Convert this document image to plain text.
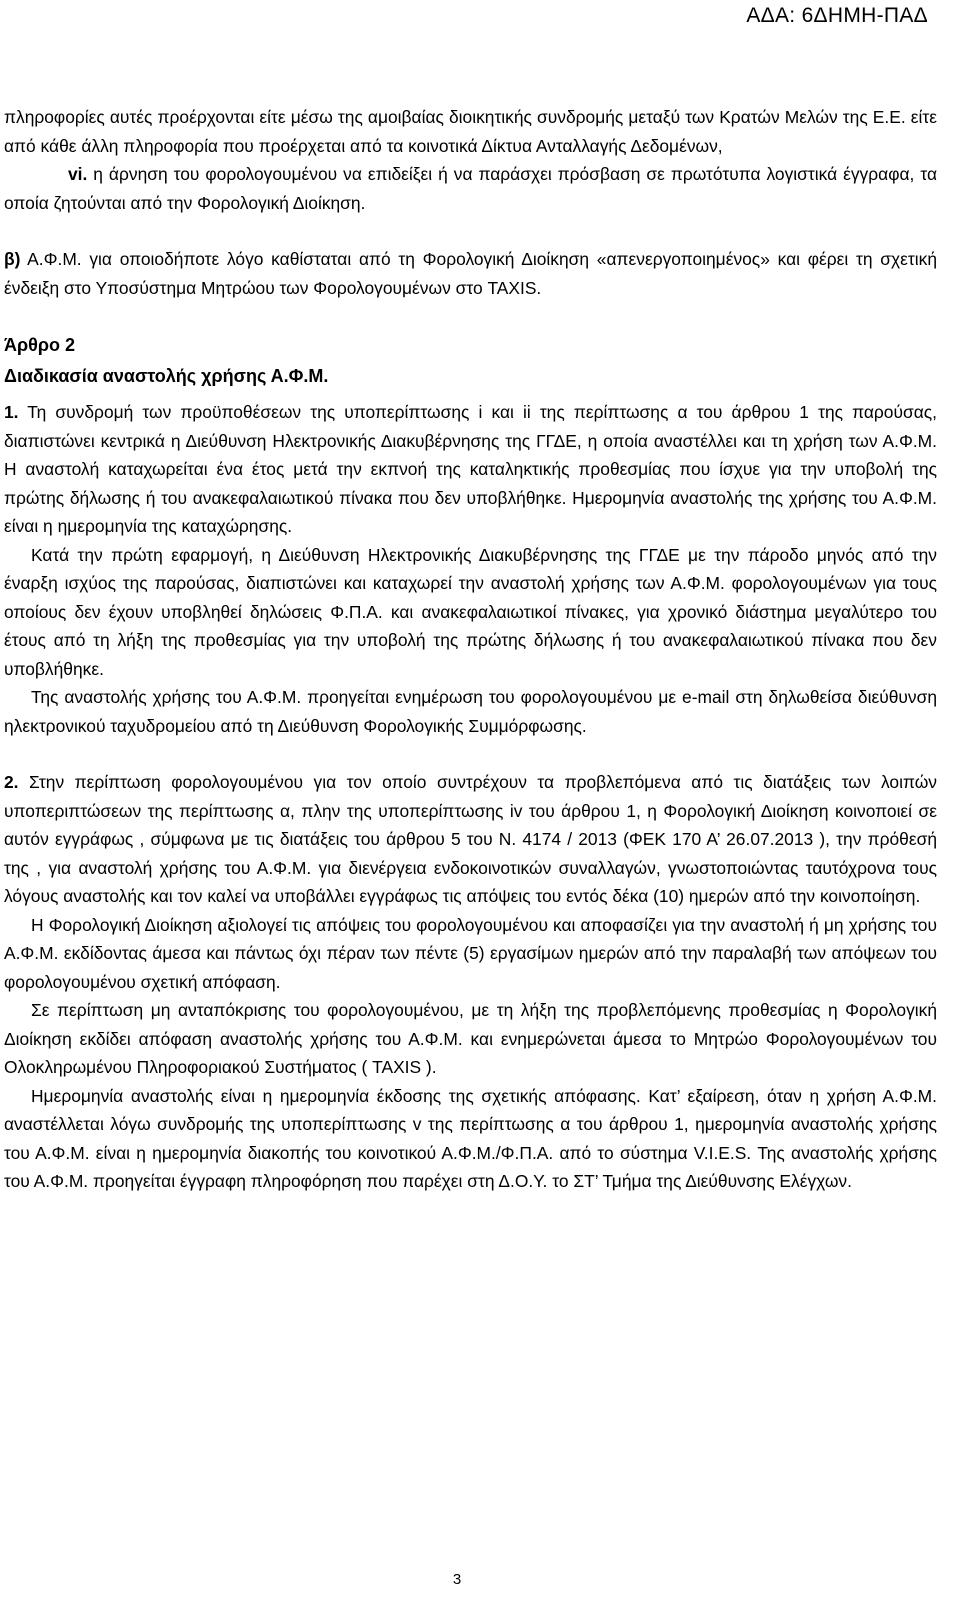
ΑΔΑ: 6ΔΗΜΗ-ΠΑΔ

πληροφορίες αυτές προέρχονται είτε μέσω της αμοιβαίας διοικητικής συνδρομής μεταξύ των Κρατών Μελών της Ε.Ε. είτε από κάθε άλλη πληροφορία που προέρχεται από τα κοινοτικά Δίκτυα Ανταλλαγής Δεδομένων,

vi. η άρνηση του φορολογουμένου να επιδείξει ή να παράσχει πρόσβαση σε πρωτότυπα λογιστικά έγγραφα, τα οποία ζητούνται από την Φορολογική Διοίκηση.

β) Α.Φ.Μ. για οποιοδήποτε λόγο καθίσταται από τη Φορολογική Διοίκηση «απενεργοποιημένος» και φέρει τη σχετική ένδειξη στο Υποσύστημα Μητρώου των Φορολογουμένων στο TAXIS.

Άρθρο 2

Διαδικασία αναστολής χρήσης Α.Φ.Μ.

1. Τη συνδρομή των προϋποθέσεων της υποπερίπτωσης i και ii της περίπτωσης α του άρθρου 1 της παρούσας, διαπιστώνει κεντρικά η Διεύθυνση Ηλεκτρονικής Διακυβέρνησης της ΓΓΔΕ, η οποία αναστέλλει και τη χρήση των Α.Φ.Μ. Η αναστολή καταχωρείται ένα έτος μετά την εκπνοή της καταληκτικής προθεσμίας που ίσχυε για την υποβολή της πρώτης δήλωσης ή του ανακεφαλαιωτικού πίνακα που δεν υποβλήθηκε. Ημερομηνία αναστολής της χρήσης του Α.Φ.Μ. είναι η ημερομηνία της καταχώρησης.

Κατά την πρώτη εφαρμογή, η Διεύθυνση Ηλεκτρονικής Διακυβέρνησης της ΓΓΔΕ με την πάροδο μηνός από την έναρξη ισχύος της παρούσας, διαπιστώνει και καταχωρεί την αναστολή χρήσης των Α.Φ.Μ. φορολογουμένων για τους οποίους δεν έχουν υποβληθεί δηλώσεις Φ.Π.Α. και ανακεφαλαιωτικοί πίνακες, για χρονικό διάστημα μεγαλύτερο του έτους από τη λήξη της προθεσμίας για την υποβολή της πρώτης δήλωσης ή του ανακεφαλαιωτικού πίνακα που δεν υποβλήθηκε.

Της αναστολής χρήσης του Α.Φ.Μ. προηγείται ενημέρωση του φορολογουμένου με e-mail στη δηλωθείσα διεύθυνση ηλεκτρονικού ταχυδρομείου από τη Διεύθυνση Φορολογικής Συμμόρφωσης.

2. Στην περίπτωση φορολογουμένου για τον οποίο συντρέχουν τα προβλεπόμενα από τις διατάξεις των λοιπών υποπεριπτώσεων της περίπτωσης α, πλην της υποπερίπτωσης iv του άρθρου 1, η Φορολογική Διοίκηση κοινοποιεί σε αυτόν εγγράφως , σύμφωνα με τις διατάξεις του άρθρου 5 του Ν. 4174 / 2013 (ΦΕΚ 170 Α’ 26.07.2013 ), την πρόθεσή της , για αναστολή χρήσης του Α.Φ.Μ. για διενέργεια ενδοκοινοτικών συναλλαγών, γνωστοποιώντας ταυτόχρονα τους λόγους αναστολής και τον καλεί να υποβάλλει εγγράφως τις απόψεις του εντός δέκα (10) ημερών από την κοινοποίηση.

Η Φορολογική Διοίκηση αξιολογεί τις απόψεις του φορολογουμένου και αποφασίζει για την αναστολή ή μη χρήσης του Α.Φ.Μ. εκδίδοντας άμεσα και πάντως όχι πέραν των πέντε (5) εργασίμων ημερών από την παραλαβή των απόψεων του φορολογουμένου σχετική απόφαση.

Σε περίπτωση μη ανταπόκρισης του φορολογουμένου, με τη λήξη της προβλεπόμενης προθεσμίας η Φορολογική Διοίκηση εκδίδει απόφαση αναστολής χρήσης του Α.Φ.Μ. και ενημερώνεται άμεσα το Μητρώο Φορολογουμένων του Ολοκληρωμένου Πληροφοριακού Συστήματος ( TAXIS ).

Ημερομηνία αναστολής είναι η ημερομηνία έκδοσης της σχετικής απόφασης. Κατ’ εξαίρεση, όταν η χρήση Α.Φ.Μ. αναστέλλεται λόγω συνδρομής της υποπερίπτωσης v της περίπτωσης α του άρθρου 1, ημερομηνία αναστολής χρήσης του Α.Φ.Μ. είναι η ημερομηνία διακοπής του κοινοτικού Α.Φ.Μ./Φ.Π.Α. από το σύστημα V.I.E.S. Της αναστολής χρήσης του Α.Φ.Μ. προηγείται έγγραφη πληροφόρηση που παρέχει στη Δ.Ο.Υ. το ΣΤ’ Τμήμα της Διεύθυνσης Ελέγχων.

3
